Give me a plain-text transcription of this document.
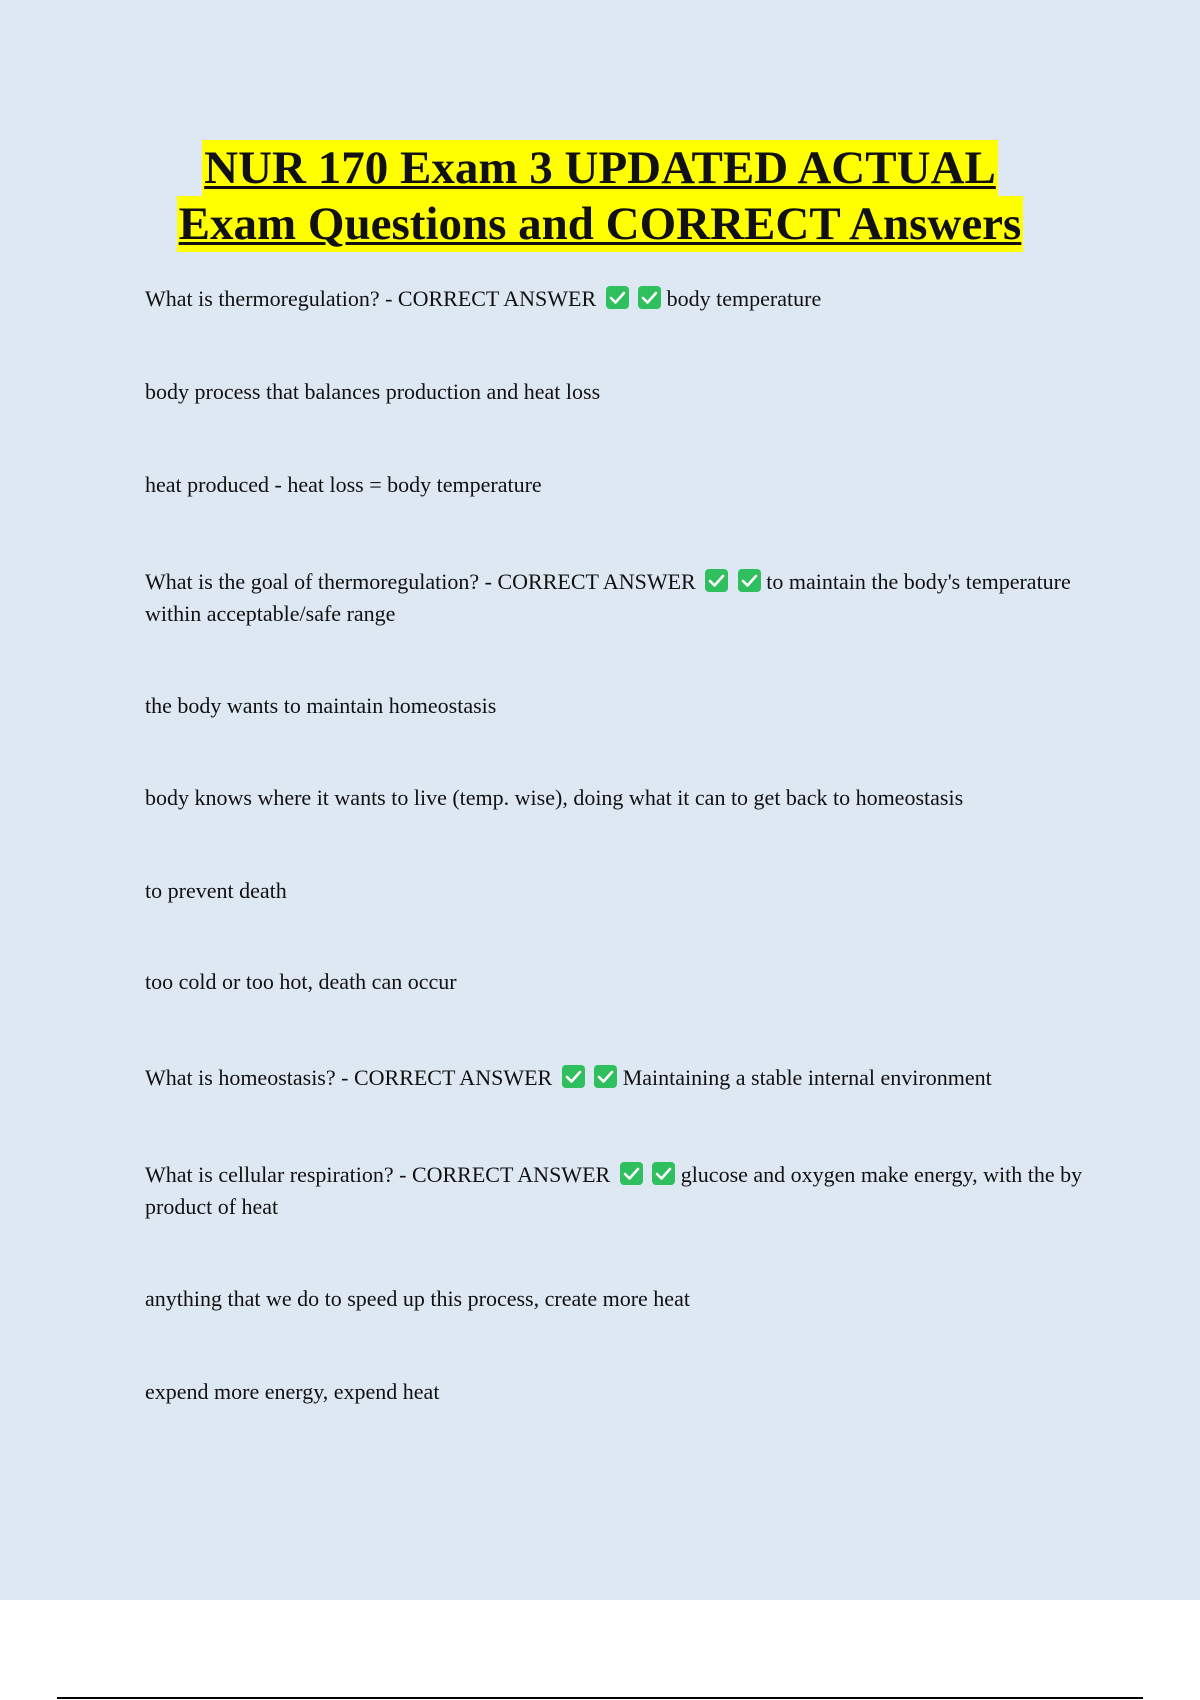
NUR 170 Exam 3 UPDATED ACTUAL
Exam Questions and CORRECT Answers

What is thermoregulation? - CORRECT ANSWER
	body temperature

body process that balances production and heat loss

heat produced - heat loss = body temperature

What is the goal of thermoregulation? - CORRECT ANSWER
	to maintain the body's temperature within acceptable/safe range

the body wants to maintain homeostasis

body knows where it wants to live (temp. wise), doing what it can to get back to homeostasis

to prevent death

too cold or too hot, death can occur

What is homeostasis? - CORRECT ANSWER
	Maintaining a stable internal environment

What is cellular respiration? - CORRECT ANSWER
	glucose and oxygen make energy, with the by product of heat

anything that we do to speed up this process, create more heat

expend more energy, expend heat
